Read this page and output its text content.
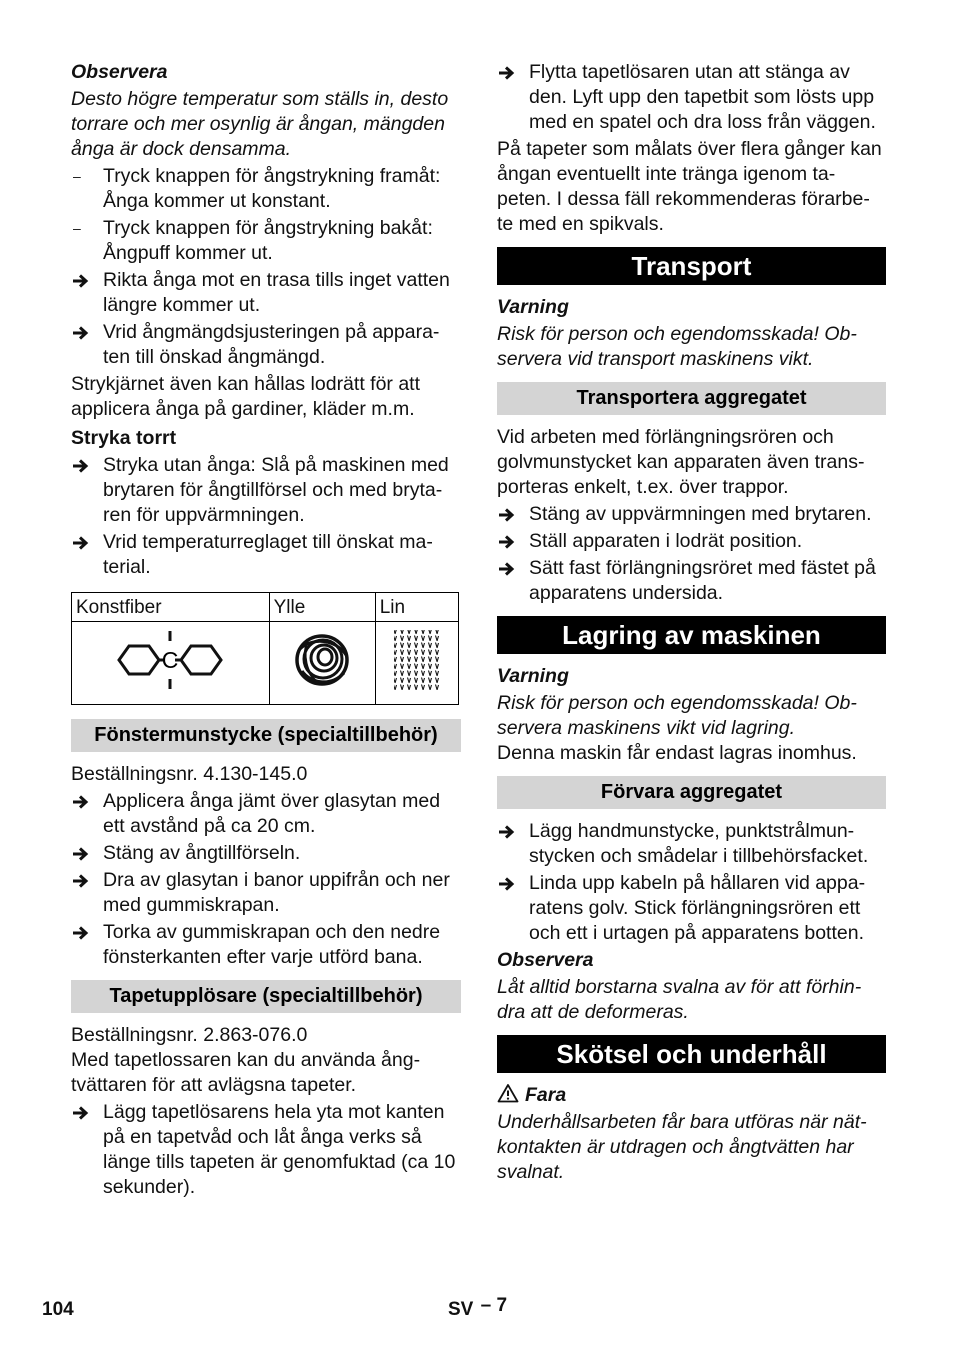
Observera

Desto högre temperatur som ställs in, desto torrare och mer osynlig är ångan, mängden ånga är dock densamma.

–	Tryck knappen för ångstrykning framåt: Ånga kommer ut konstant.
–	Tryck knappen för ångstrykning bakåt: Ångpuff kommer ut.
Rikta ånga mot en trasa tills inget vatten längre kommer ut.
Vrid ångmängdsjusteringen på appara-ten till önskad ångmängd.

Strykjärnet även kan hållas lodrätt för att applicera ånga på gardiner, kläder m.m.

Stryka torrt

Stryka utan ånga: Slå på maskinen med brytaren för ångtillförsel och med bryta-ren för uppvärmningen.
Vrid temperaturreglaget till önskat ma-terial.
Konstfiber	Ylle	Lin

C

Fönstermunstycke (specialtillbehör)

Beställningsnr. 4.130-145.0

Applicera ånga jämt över glasytan med ett avstånd på ca 20 cm.
Stäng av ångtillförseln.
Dra av glasytan i banor uppifrån och ner med gummiskrapan.
Torka av gummiskrapan och den nedre fönsterkanten efter varje utförd bana.
Tapetupplösare (specialtillbehör)

Beställningsnr. 2.863-076.0

Med tapetlossaren kan du använda ång-tvättaren för att avlägsna tapeter.

Lägg tapetlösarens hela yta mot kanten på en tapetvåd och låt ånga verks så länge tills tapeten är genomfuktad (ca 10 sekunder).
Flytta tapetlösaren utan att stänga av den. Lyft upp den tapetbit som lösts upp med en spatel och dra loss från väggen.

På tapeter som målats över flera gånger kan ångan eventuellt inte tränga igenom ta-peten. I dessa fäll rekommenderas förarbe-te med en spikvals.

Transport

Varning

Risk för person och egendomsskada! Ob-servera vid transport maskinens vikt.

Transportera aggregatet

Vid arbeten med förlängningsrören och golvmunstycket kan apparaten även trans-porteras enkelt, t.ex. över trappor.

Stäng av uppvärmningen med brytaren.
Ställ apparaten i lodrät position.
Sätt fast förlängningsröret med fästet på apparatens undersida.
Lagring av maskinen

Varning

Risk för person och egendomsskada! Ob-servera maskinens vikt vid lagring.

Denna maskin får endast lagras inomhus.

Förvara aggregatet
Lägg handmunstycke, punktstrålmun-stycken och smådelar i tillbehörsfacket.
Linda upp kabeln på hållaren vid appa-ratens golv. Stick förlängningsrören ett och ett i urtagen på apparatens botten.

Observera

Låt alltid borstarna svalna av för att förhin-dra att de deformeras.

Skötsel och underhåll

Fara

Underhållsarbeten får bara utföras när nät-kontakten är utdragen och ångtvätten har svalnat.

104	SV – 7
